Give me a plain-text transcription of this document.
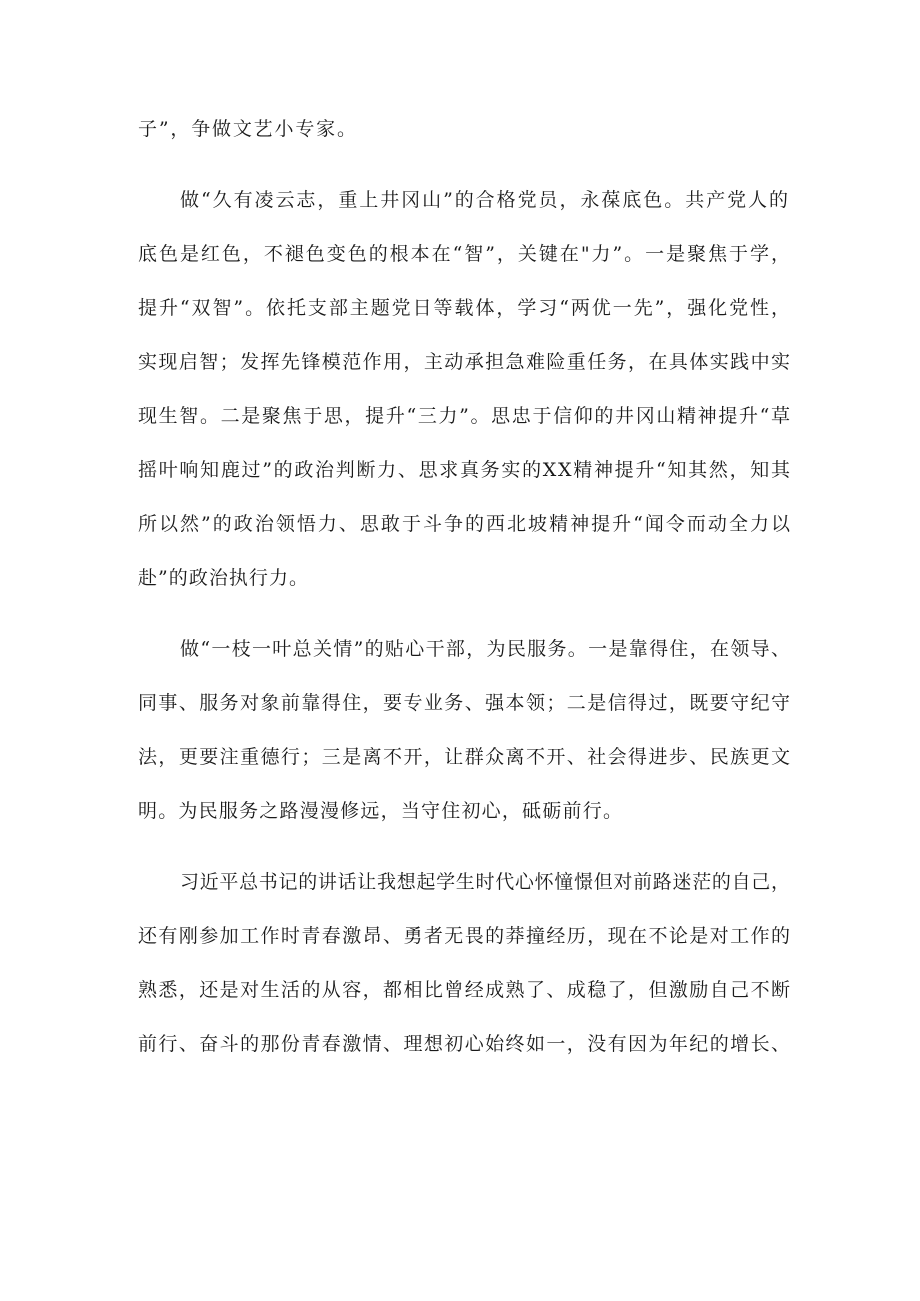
子”，争做文艺小专家。
做“久有凌云志，重上井冈山”的合格党员，永葆底色。共产党人的
底色是红色，不褪色变色的根本在“智”，关键在"力”。一是聚焦于学，
提升“双智”。依托支部主题党日等载体，学习“两优一先”，强化党性，
实现启智；发挥先锋模范作用，主动承担急难险重任务，在具体实践中实
现生智。二是聚焦于思，提升“三力”。思忠于信仰的井冈山精神提升“草
摇叶响知鹿过”的政治判断力、思求真务实的XX精神提升“知其然，知其
所以然”的政治领悟力、思敢于斗争的西北坡精神提升“闻令而动全力以
赴”的政治执行力。
做“一枝一叶总关情”的贴心干部，为民服务。一是靠得住，在领导、
同事、服务对象前靠得住，要专业务、强本领；二是信得过，既要守纪守
法，更要注重德行；三是离不开，让群众离不开、社会得进步、民族更文
明。为民服务之路漫漫修远，当守住初心，砥砺前行。
习近平总书记的讲话让我想起学生时代心怀憧憬但对前路迷茫的自己，
还有刚参加工作时青春激昂、勇者无畏的莽撞经历，现在不论是对工作的
熟悉，还是对生活的从容，都相比曾经成熟了、成稳了，但激励自己不断
前行、奋斗的那份青春激情、理想初心始终如一，没有因为年纪的增长、
